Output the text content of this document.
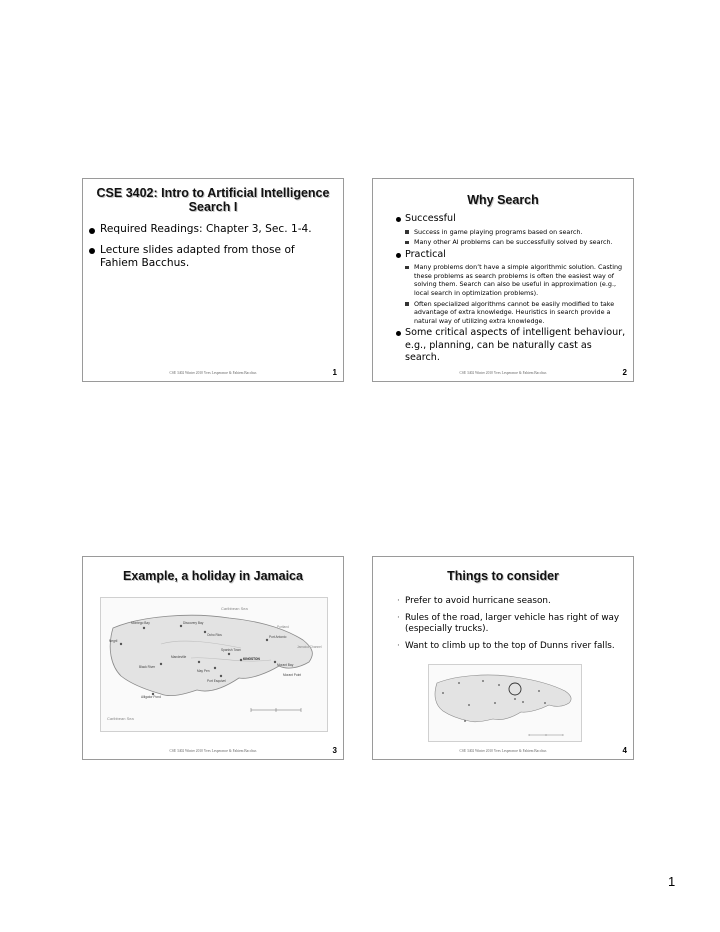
CSE 3402: Intro to Artificial Intelligence
Search I
Required Readings: Chapter 3, Sec. 1-4.
Lecture slides adapted from those of Fahiem Bacchus.
CSE 3402 Winter 2010 Yves Lesperance & Fahiem Bacchus	1
Why Search
Successful
Success in game playing programs based on search.
Many other AI problems can be successfully solved by search.
Practical
Many problems don’t have a simple algorithmic solution. Casting these problems as search problems is often the easiest way of solving them. Search can also be useful in approximation (e.g., local search in optimization problems).
Often specialized algorithms cannot be easily modified to take advantage of extra knowledge. Heuristics in search provide a natural way of utilizing extra knowledge.
Some critical aspects of intelligent behaviour, e.g., planning, can be naturally cast as search.
CSE 3402 Winter 2010 Yves Lesperance & Fahiem Bacchus	2
Example, a holiday in Jamaica
Caribbean Sea
Caribbean Sea
Discovery Bay
Montego Bay
Ocho Rios
Negril
Port Antonio
Spanish Town
KINGSTON
Black River
Mandeville
May Pen
Port Esquivel
Alligator Pond
Morant Bay
Morant Point
Portland
Jamaica Channel
CSE 3402 Winter 2010 Yves Lesperance & Fahiem Bacchus	3
Things to consider
· Prefer to avoid hurricane season.
· Rules of the road, larger vehicle has right of way (especially trucks).
· Want to climb up to the top of Dunns river falls.
CSE 3402 Winter 2010 Yves Lesperance & Fahiem Bacchus	4
1
